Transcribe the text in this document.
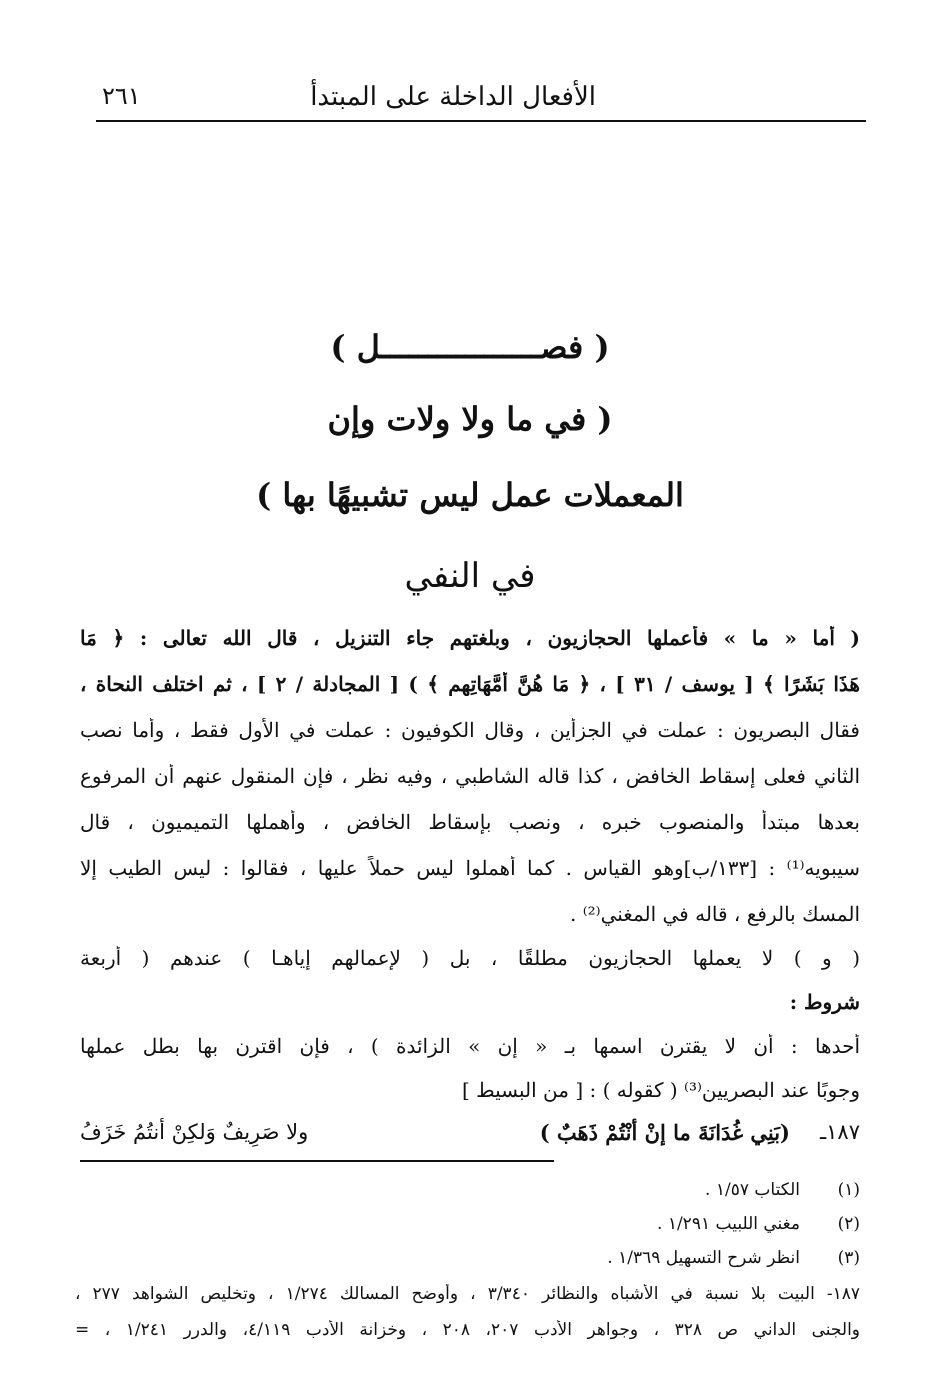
الأفعال الداخلة على المبتدأ
٢٦١
( فصـــــــــــــــــل )
( في ما ولا ولات وإن
المعملات عمل ليس تشبيهًا بها )
في النفي
( أما « ما » فأعملها الحجازيون ، وبلغتهم جاء التنزيل ، قال الله تعالى : ﴿ مَا
هَذَا بَشَرًا ﴾ [ يوسف / ٣١ ] ، ﴿ مَا هُنَّ أُمَّهَاتِهِم ﴾ ) [ المجادلة / ٢ ] ، ثم اختلف النحاة ،
فقال البصريون : عملت في الجزأين ، وقال الكوفيون : عملت في الأول فقط ، وأما نصب
الثاني فعلى إسقاط الخافض ، كذا قاله الشاطبي ، وفيه نظر ، فإن المنقول عنهم أن المرفوع
بعدها مبتدأ والمنصوب خبره ، ونصب بإسقاط الخافض ، وأهملها التميميون ، قال
سيبويه⁽¹⁾ : [١٣٣/ب]وهو القياس . كما أهملوا ليس حملاً عليها ، فقالوا : ليس الطيب إلا
المسك بالرفع ، قاله في المغني⁽²⁾ .
( و ) لا يعملها الحجازيون مطلقًا ، بل ( لإعمالهم إياهـا ) عندهم ( أربعة
شروط :
أحدها : أن لا يقترن اسمها بـ « إن » الزائدة ) ، فإن اقترن بها بطل عملها
وجوبًا عند البصريين⁽³⁾ ( كقوله ) : [ من البسيط ]
١٨٧ـ
(بَنِي غُدَانَةَ ما إنْ أنْتُمْ ذَهَبٌ )
ولا صَرِيفٌ وَلكِنْ أنتُمُ خَزَفُ
(١)الكتاب ١/٥٧ .
(٢)مغني اللبيب ١/٢٩١ .
(٣)انظر شرح التسهيل ١/٣٦٩ .
١٨٧- البيت بلا نسبة في الأشباه والنظائر ٣/٣٤٠ ، وأوضح المسالك ١/٢٧٤ ، وتخليص الشواهد ٢٧٧ ،
والجنى الداني ص ٣٢٨ ، وجواهر الأدب ٢٠٧، ٢٠٨ ، وخزانة الأدب ٤/١١٩، والدرر ١/٢٤١ ، =
